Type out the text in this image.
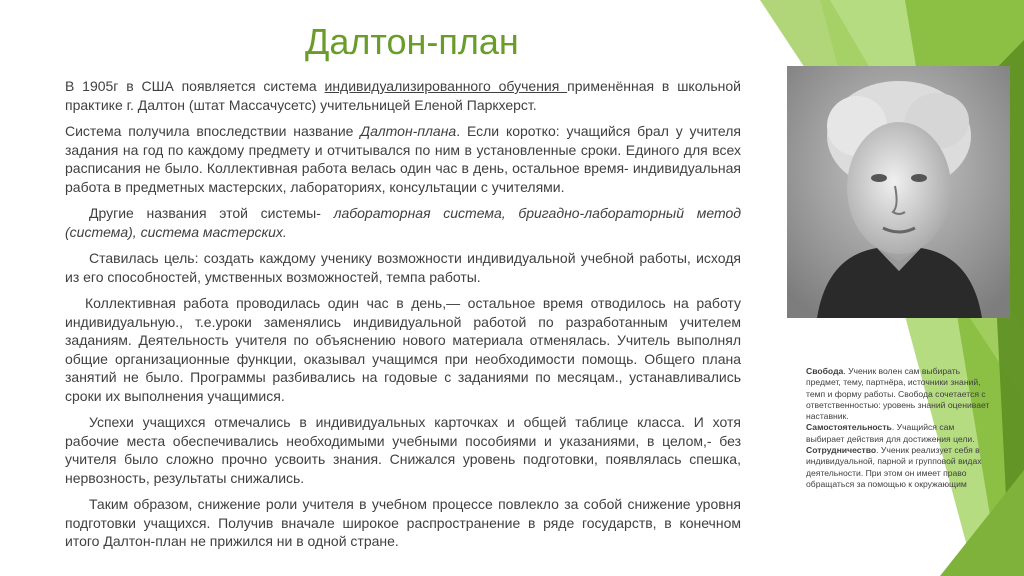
Далтон-план

В 1905г в США появляется система индивидуализированного обучения применённая в школьной практике г. Далтон (штат Массачусетс) учительницей Еленой Паркхерст.

Система получила впоследствии название Далтон-плана. Если коротко: учащийся брал у учителя задания на год по каждому предмету и отчитывался по ним в установленные сроки. Единого для всех расписания не было. Коллективная работа велась один час в день, остальное время- индивидуальная работа в предметных мастерских, лабораториях, консультации с учителями.

Другие названия этой системы- лабораторная система, бригадно-лабораторный метод (система), система мастерских.

Ставилась цель: создать каждому ученику возможности индивидуальной учебной работы, исходя из его способностей, умственных возможностей, темпа работы.

Коллективная работа проводилась один час в день,— остальное время отводилось на работу индивидуальную., т.е.уроки заменялись индивидуальной работой по разработанным учителем заданиям. Деятельность учителя по объяснению нового материала отменялась. Учитель выполнял общие организационные функции, оказывал учащимся при необходимости помощь. Общего плана занятий не было. Программы разбивались на годовые с заданиями по месяцам., устанавливались сроки их выполнения учащимися.

Успехи учащихся отмечались в индивидуальных карточках и общей таблице класса. И хотя рабочие места обеспечивались необходимыми учебными пособиями и указаниями, в целом,- без учителя было сложно прочно усвоить знания. Снижался уровень подготовки, появлялась спешка, нервозность, результаты снижались.

Таким образом, снижение роли учителя в учебном процессе повлекло за собой снижение уровня подготовки учащихся. Получив вначале широкое распространение в ряде государств, в конечном итого Далтон-план не прижился ни в одной стране.

Свобода. Ученик волен сам выбирать предмет, тему, партнёра, источники знаний, темп и форму работы. Свобода сочетается с ответственностью: уровень знаний оценивает наставник.

Самостоятельность. Учащийся сам выбирает действия для достижения цели.

Сотрудничество. Ученик реализует себя в индивидуальной, парной и групповой видах деятельности. При этом он имеет право обращаться за помощью к окружающим
